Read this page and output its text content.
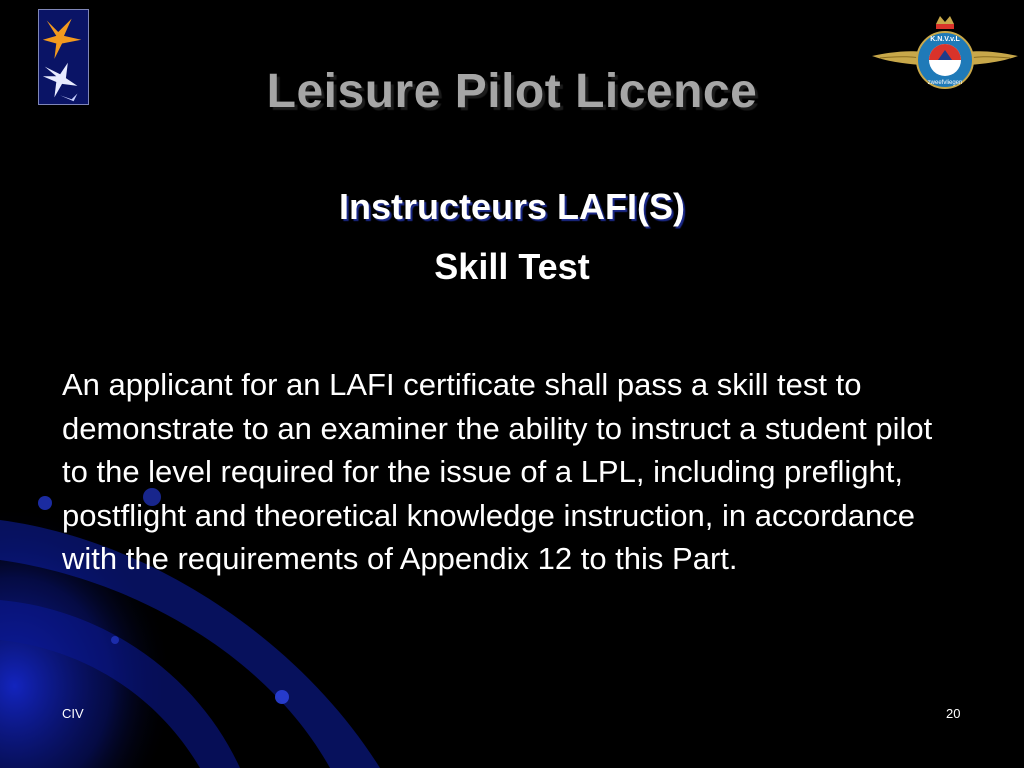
K.N.V.v.L
zweefvliegen
Leisure Pilot Licence
Instructeurs LAFI(S)
Skill Test
An applicant for an LAFI certificate shall pass a skill test to demonstrate to an examiner the ability to instruct a student pilot to the level required for the issue of a LPL, including preflight, postflight and theoretical knowledge instruction, in accordance with the requirements of Appendix 12 to this Part.
CIV	20
